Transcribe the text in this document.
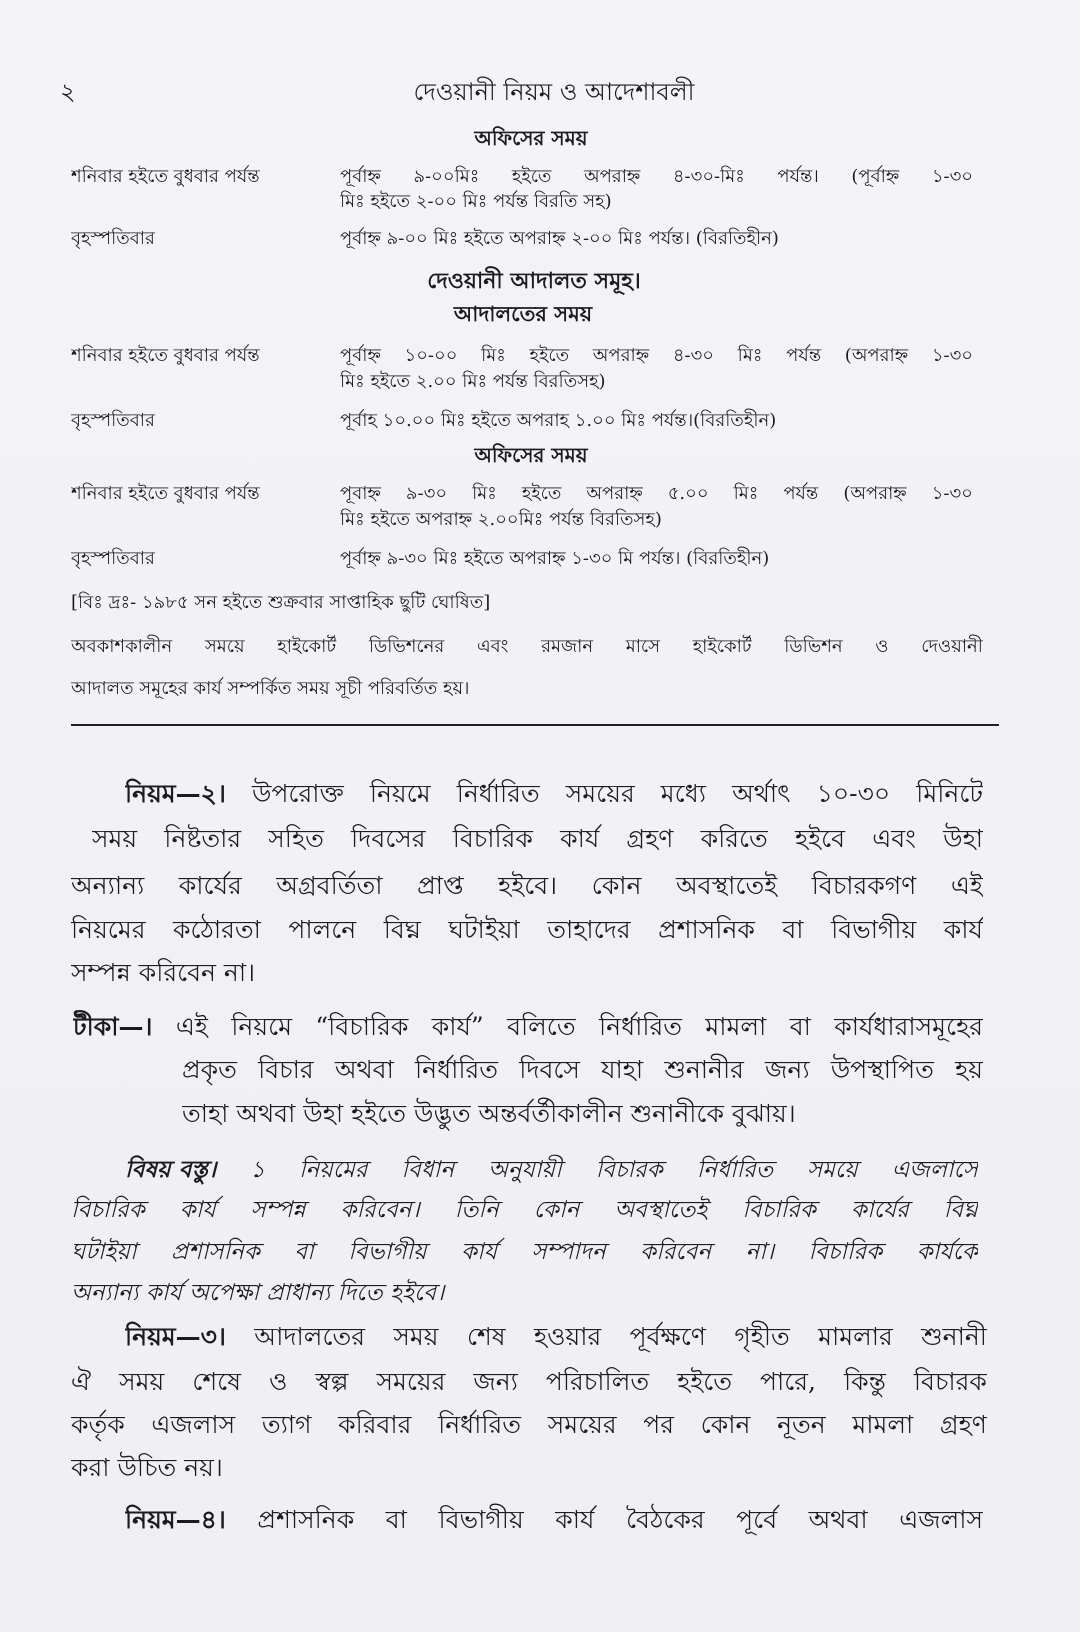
২	দেওয়ানী নিয়ম ও আদেশাবলী
অফিসের সময়
শনিবার হইতে বুধবার পর্যন্ত	পূর্বাহ্ন ৯-০০মিঃ হইতে অপরাহ্ন ৪-৩০-মিঃ পর্যন্ত। (পূর্বাহ্ন ১-৩০
মিঃ হইতে ২-০০ মিঃ পর্যন্ত বিরতি সহ)
বৃহস্পতিবার	পূর্বাহ্ন ৯-০০ মিঃ হইতে অপরাহ্ন ২-০০ মিঃ পর্যন্ত। (বিরতিহীন)
দেওয়ানী আদালত সমূহ।
আদালতের সময়
শনিবার হইতে বুধবার পর্যন্ত	পূর্বাহ্ন ১০-০০ মিঃ হইতে অপরাহ্ন ৪-৩০ মিঃ পর্যন্ত (অপরাহ্ন ১-৩০
মিঃ হইতে ২.০০ মিঃ পর্যন্ত বিরতিসহ)
বৃহস্পতিবার	পূর্বাহ ১০.০০ মিঃ হইতে অপরাহ ১.০০ মিঃ পর্যন্ত।(বিরতিহীন)
অফিসের সময়
শনিবার হইতে বুধবার পর্যন্ত	পূবাহ্ন ৯-৩০ মিঃ হইতে অপরাহ্ন ৫.০০ মিঃ পর্যন্ত (অপরাহ্ন ১-৩০
মিঃ হইতে অপরাহ্ন ২.০০মিঃ পর্যন্ত বিরতিসহ)
বৃহস্পতিবার	পূর্বাহ্ন ৯-৩০ মিঃ হইতে অপরাহ্ন ১-৩০ মি পর্যন্ত। (বিরতিহীন)
[বিঃ দ্রঃ- ১৯৮৫ সন হইতে শুক্রবার সাপ্তাহিক ছুটি ঘোষিত]
অবকাশকালীন সময়ে হাইকোর্ট ডিভিশনের এবং রমজান মাসে হাইকোর্ট ডিভিশন ও দেওয়ানী
আদালত সমূহের কার্য সম্পর্কিত সময় সূচী পরিবর্তিত হয়।
নিয়ম—২। উপরোক্ত নিয়মে নির্ধারিত সময়ের মধ্যে অর্থাৎ ১০-৩০ মিনিটে
সময় নিষ্টতার সহিত দিবসের বিচারিক কার্য গ্রহণ করিতে হইবে এবং উহা
অন্যান্য কার্যের অগ্রবর্তিতা প্রাপ্ত হইবে। কোন অবস্থাতেই বিচারকগণ এই
নিয়মের কঠোরতা পালনে বিঘ্ন ঘটাইয়া তাহাদের প্রশাসনিক বা বিভাগীয় কার্য
সম্পন্ন করিবেন না।
টীকা—। এই নিয়মে “বিচারিক কার্য” বলিতে নির্ধারিত মামলা বা কার্যধারাসমূহের
প্রকৃত বিচার অথবা নির্ধারিত দিবসে যাহা শুনানীর জন্য উপস্থাপিত হয়
তাহা অথবা উহা হইতে উদ্ভুত অন্তর্বর্তীকালীন শুনানীকে বুঝায়।
বিষয় বস্তু। ১ নিয়মের বিধান অনুযায়ী বিচারক নির্ধারিত সময়ে এজলাসে
বিচারিক কার্য সম্পন্ন করিবেন। তিনি কোন অবস্থাতেই বিচারিক কার্যের বিঘ্ন
ঘটাইয়া প্রশাসনিক বা বিভাগীয় কার্য সম্পাদন করিবেন না। বিচারিক কার্যকে
অন্যান্য কার্য অপেক্ষা প্রাধান্য দিতে হইবে।
নিয়ম—৩। আদালতের সময় শেষ হওয়ার পূর্বক্ষণে গৃহীত মামলার শুনানী
ঐ সময় শেষে ও স্বল্প সময়ের জন্য পরিচালিত হইতে পারে, কিন্তু বিচারক
কর্তৃক এজলাস ত্যাগ করিবার নির্ধারিত সময়ের পর কোন নূতন মামলা গ্রহণ
করা উচিত নয়।
নিয়ম—৪। প্রশাসনিক বা বিভাগীয় কার্য বৈঠকের পূর্বে অথবা এজলাস
